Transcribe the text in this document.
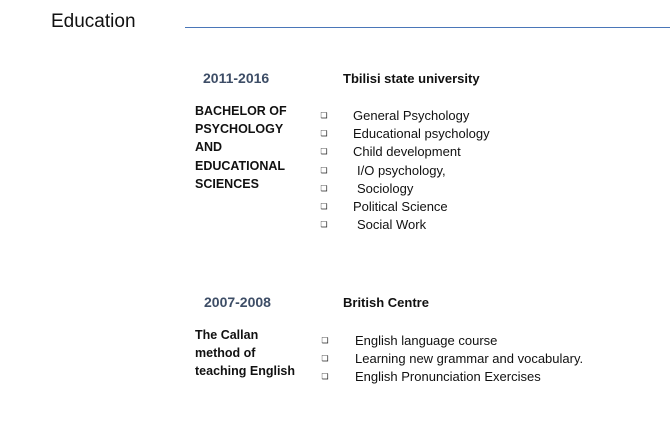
Education
2011-2016	Tbilisi state university
BACHELOR OF
PSYCHOLOGY
AND
EDUCATIONAL
SCIENCES
❏ General Psychology
❏ Educational psychology
❏ Child development
❏ I/O psychology,
❏ Sociology
❏ Political Science
❏ Social Work
2007-2008	British Centre
The Callan
method of
teaching English
❏ English language course
❏ Learning new grammar and vocabulary.
❏ English Pronunciation Exercises
